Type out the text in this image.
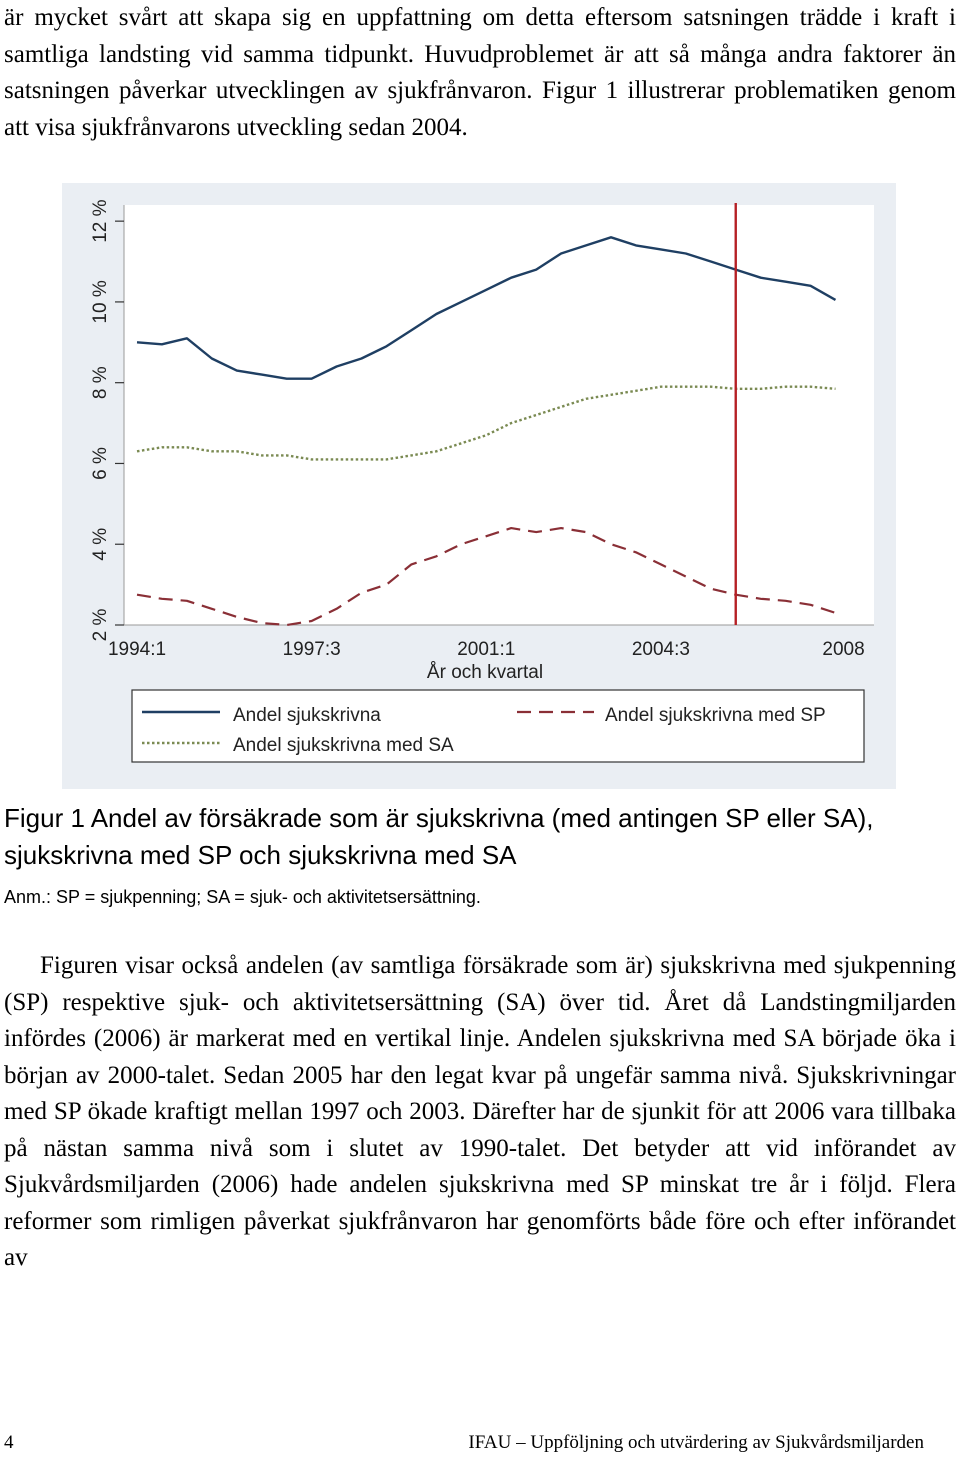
är mycket svårt att skapa sig en uppfattning om detta eftersom satsningen trädde i kraft i samtliga landsting vid samma tidpunkt. Huvudproblemet är att så många andra faktorer än satsningen påverkar utvecklingen av sjukfrånvaron. Figur 1 illustrerar problematiken genom att visa sjukfrånvarons utveckling sedan 2004.

2 %
4 %
6 %
8 %
10 %
12 %
1994:1	1997:3	2001:1	2004:3	2008
År och kvartal
Andel sjukskrivna
Andel sjukskrivna med SA
Andel sjukskrivna med SP

Figur 1 Andel av försäkrade som är sjukskrivna (med antingen SP eller SA), sjukskrivna med SP och sjukskrivna med SA

Anm.: SP = sjukpenning; SA = sjuk- och aktivitetsersättning.

Figuren visar också andelen (av samtliga försäkrade som är) sjukskrivna med sjukpenning (SP) respektive sjuk- och aktivitetsersättning (SA) över tid. Året då Landstingmiljarden infördes (2006) är markerat med en vertikal linje. Andelen sjukskrivna med SA började öka i början av 2000-talet. Sedan 2005 har den legat kvar på ungefär samma nivå. Sjukskrivningar med SP ökade kraftigt mellan 1997 och 2003. Därefter har de sjunkit för att 2006 vara tillbaka på nästan samma nivå som i slutet av 1990-talet. Det betyder att vid införandet av Sjukvårdsmiljarden (2006) hade andelen sjukskrivna med SP minskat tre år i följd. Flera reformer som rimligen påverkat sjukfrånvaron har genomförts både före och efter införandet av

4	IFAU – Uppföljning och utvärdering av Sjukvårdsmiljarden
